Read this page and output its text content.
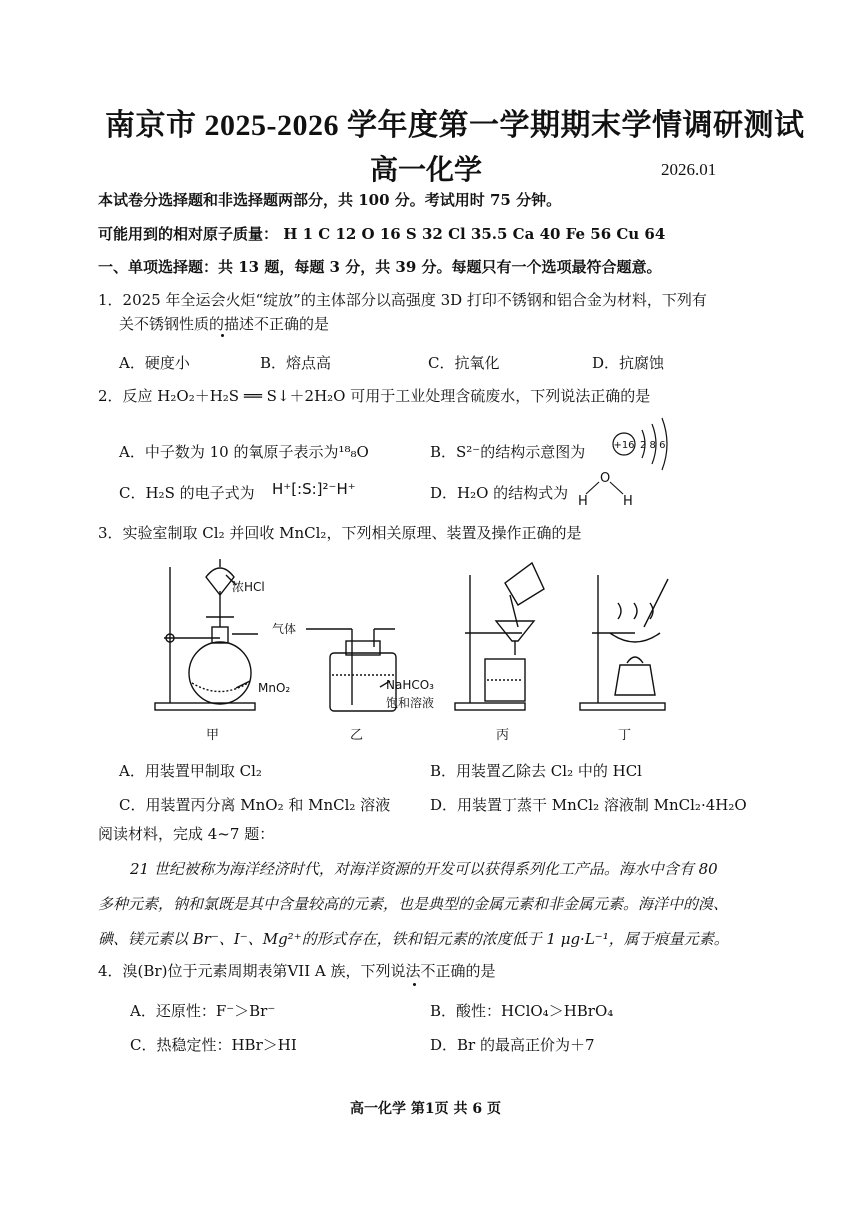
南京市 2025-2026 学年度第一学期期末学情调研测试
高一化学	2026.01
本试卷分选择题和非选择题两部分，共 100 分。考试用时 75 分钟。
可能用到的相对原子质量： H 1 C 12 O 16 S 32 Cl 35.5 Ca 40 Fe 56 Cu 64
一、单项选择题：共 13 题，每题 3 分，共 39 分。每题只有一个选项最符合题意。
1．2025 年全运会火炬“绽放”的主体部分以高强度 3D 打印不锈钢和铝合金为材料，下列有
关不锈钢性质的描述不正确的是
A．硬度小	B．熔点高	C．抗氧化	D．抗腐蚀
2．反应 H₂O₂＋H₂S ══ S↓＋2H₂O 可用于工业处理含硫废水，下列说法正确的是
A．中子数为 10 的氧原子表示为¹⁸₈O	B．S²⁻的结构示意图为	+16 2 8 6
C．H₂S 的电子式为 H⁺[:S:]²⁻H⁺	D．H₂O 的结构式为
O
H	H
3．实验室制取 Cl₂ 并回收 MnCl₂，下列相关原理、装置及操作正确的是
浓HCl
MnO₂
气体
NaHCO₃
饱和溶液
甲	乙	丙	丁
A．用装置甲制取 Cl₂	B．用装置乙除去 Cl₂ 中的 HCl
C．用装置丙分离 MnO₂ 和 MnCl₂ 溶液	D．用装置丁蒸干 MnCl₂ 溶液制 MnCl₂·4H₂O
阅读材料，完成 4~7 题：
21 世纪被称为海洋经济时代，对海洋资源的开发可以获得系列化工产品。海水中含有 80
多种元素，钠和氯既是其中含量较高的元素，也是典型的金属元素和非金属元素。海洋中的溴、
碘、镁元素以 Br⁻、I⁻、Mg²⁺的形式存在，铁和铝元素的浓度低于 1 μg·L⁻¹，属于痕量元素。
4．溴(Br)位于元素周期表第VII A 族，下列说法不正确的是
A．还原性：F⁻＞Br⁻	B．酸性：HClO₄＞HBrO₄
C．热稳定性：HBr＞HI	D．Br 的最高正价为＋7
高一化学 第1页 共 6 页
